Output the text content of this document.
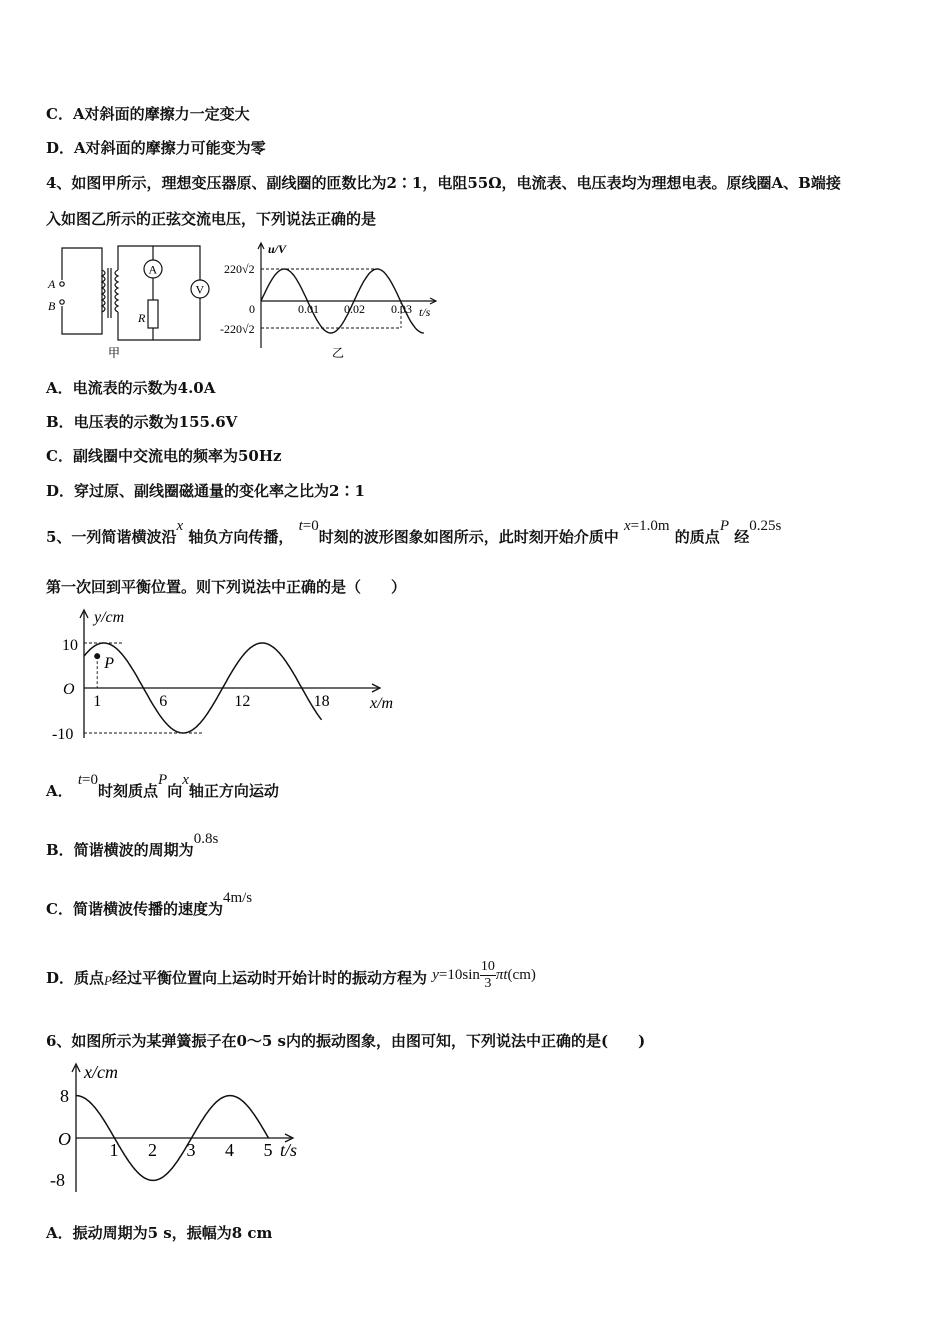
C．A对斜面的摩擦力一定变大
D．A对斜面的摩擦力可能变为零
4、如图甲所示，理想变压器原、副线圈的匝数比为2∶1，电阻55Ω，电流表、电压表均为理想电表。原线圈A、B端接
入如图乙所示的正弦交流电压，下列说法正确的是
A
B
A
V
R
甲
u/V
220√2
0
-220√2
0.01 0.02 0.03 t/s
乙
A．电流表的示数为4.0A
B．电压表的示数为155.6V
C．副线圈中交流电的频率为50Hz
D．穿过原、副线圈磁通量的变化率之比为2∶1
5、一列简谐横波沿x 轴负方向传播， t=0时刻的波形图象如图所示，此时刻开始介质中 x=1.0m 的质点P 经0.25s
第一次回到平衡位置。则下列说法中正确的是（　　）
y/cm
O
10
-10
P
1	6	12	18	x/m
A． t=0时刻质点P向x轴正方向运动
B．简谐横波的周期为0.8s
C．简谐横波传播的速度为4m/s
D．质点P经过平衡位置向上运动时开始计时的振动方程为 $y=10\sin \frac{10}{3} \pi t(cm)$
6、如图所示为某弹簧振子在0～5 s内的振动图象，由图可知，下列说法中正确的是(　　)
x/cm
8
O
-8
1 2 3 4 5 t/s
A．振动周期为5 s，振幅为8 cm
